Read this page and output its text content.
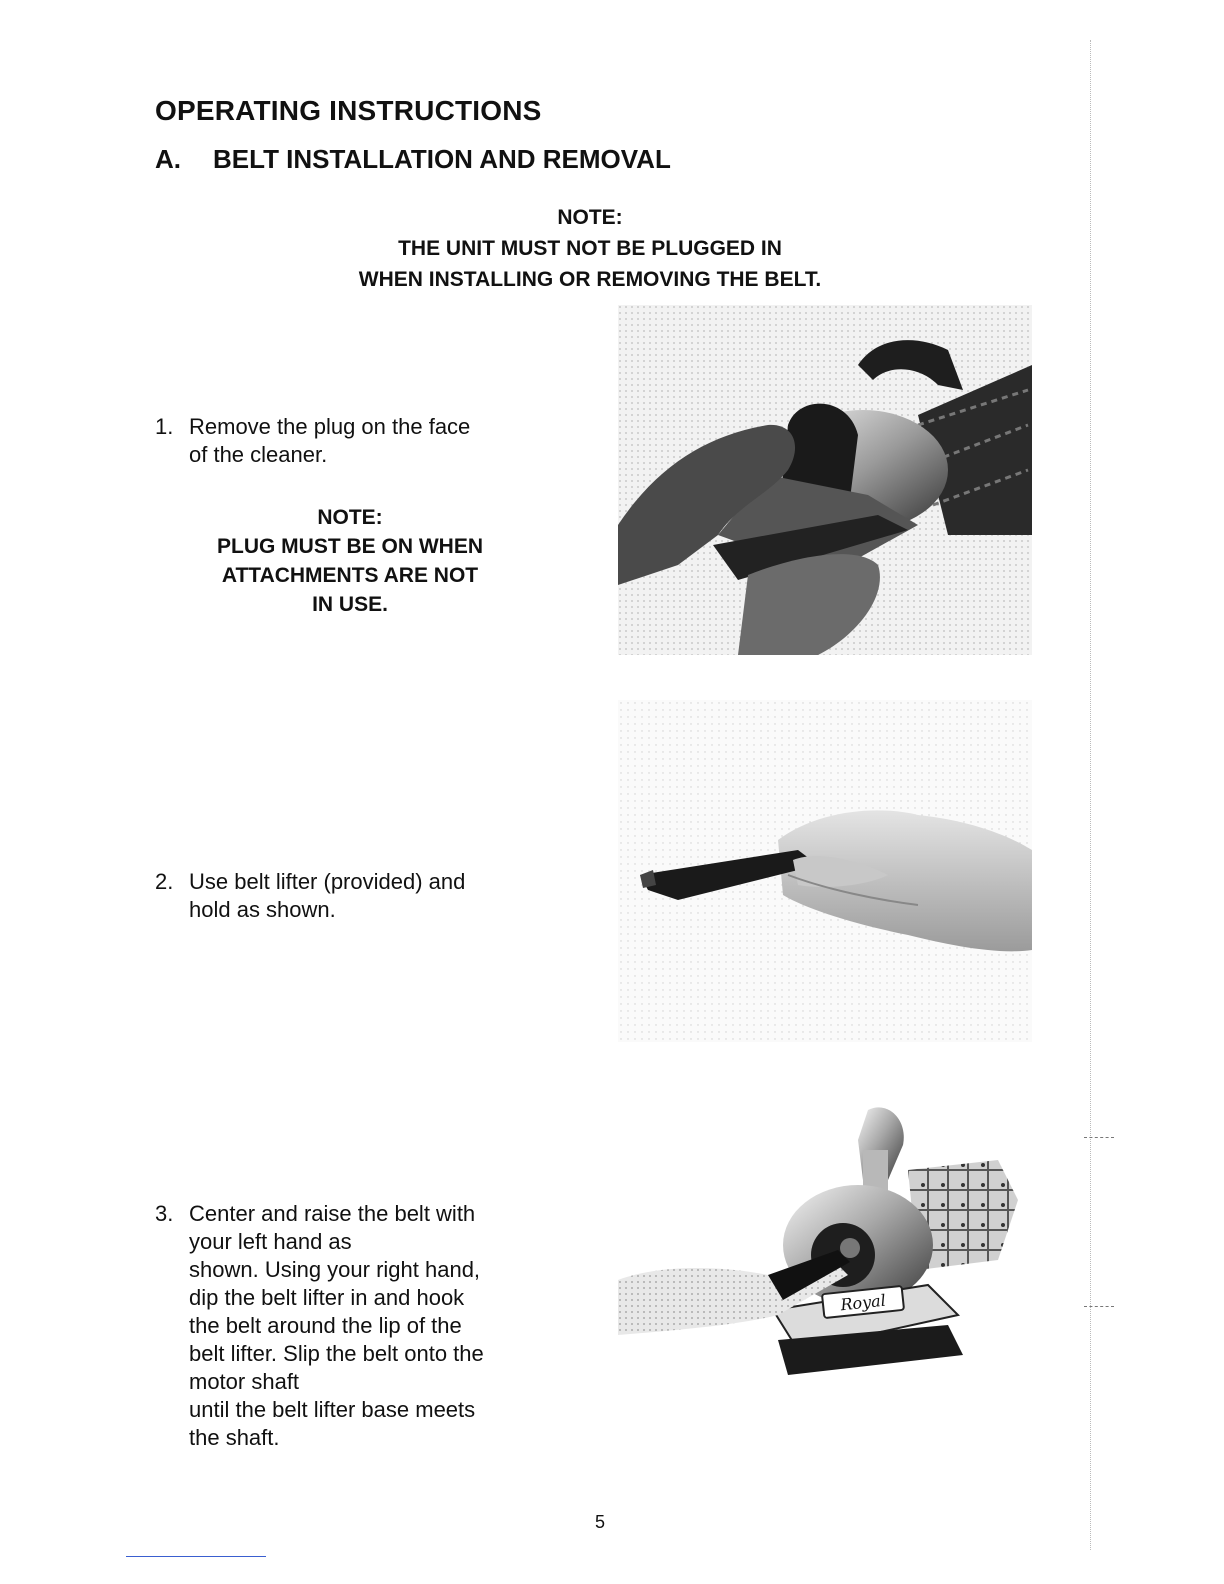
OPERATING INSTRUCTIONS
A. BELT INSTALLATION AND REMOVAL
NOTE:
THE UNIT MUST NOT BE PLUGGED IN
WHEN INSTALLING OR REMOVING THE BELT.
1. Remove the plug on the face
of the cleaner.
NOTE:
PLUG MUST BE ON WHEN
ATTACHMENTS ARE NOT
IN USE.
2. Use belt lifter (provided) and
hold as shown.
3. Center and raise the belt with
your left hand as
shown. Using your right hand,
dip the belt lifter in and hook
the belt around the lip of the
belt lifter. Slip the belt onto the
motor shaft
until the belt lifter base meets
the shaft.
Royal
5
